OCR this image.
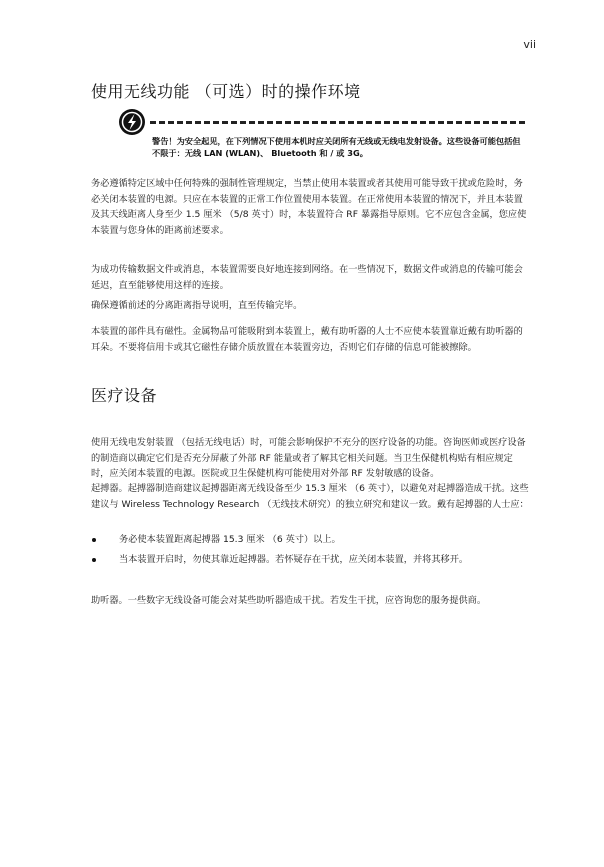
vii
使用无线功能 （可选）时的操作环境
警告！为安全起见，在下列情况下使用本机时应关闭所有无线或无线电发射设备。这些设备可能包括但不限于：无线 LAN (WLAN)、 Bluetooth 和 / 或 3G。

务必遵循特定区域中任何特殊的强制性管理规定，当禁止使用本装置或者其使用可能导致干扰或危险时，务必关闭本装置的电源。只应在本装置的正常工作位置使用本装置。在正常使用本装置的情况下，并且本装置及其天线距离人身至少 1.5 厘米 （5/8 英寸）时，本装置符合 RF 暴露指导原则。它不应包含金属，您应使本装置与您身体的距离前述要求。

为成功传输数据文件或消息，本装置需要良好地连接到网络。在一些情况下，数据文件或消息的传输可能会延迟，直至能够使用这样的连接。

确保遵循前述的分离距离指导说明，直至传输完毕。

本装置的部件具有磁性。金属物品可能吸附到本装置上，戴有助听器的人士不应使本装置靠近戴有助听器的耳朵。不要将信用卡或其它磁性存储介质放置在本装置旁边，否则它们存储的信息可能被擦除。

医疗设备

使用无线电发射装置 （包括无线电话）时，可能会影响保护不充分的医疗设备的功能。咨询医师或医疗设备的制造商以确定它们是否充分屏蔽了外部 RF 能量或者了解其它相关问题。当卫生保健机构贴有相应规定时，应关闭本装置的电源。医院或卫生保健机构可能使用对外部 RF 发射敏感的设备。

起搏器。起搏器制造商建议起搏器距离无线设备至少 15.3 厘米 （6 英寸），以避免对起搏器造成干扰。这些建议与 Wireless Technology Research （无线技术研究）的独立研究和建议一致。戴有起搏器的人士应：

务必使本装置距离起搏器 15.3 厘米 （6 英寸）以上。
当本装置开启时，勿使其靠近起搏器。若怀疑存在干扰，应关闭本装置，并将其移开。

助听器。一些数字无线设备可能会对某些助听器造成干扰。若发生干扰，应咨询您的服务提供商。
